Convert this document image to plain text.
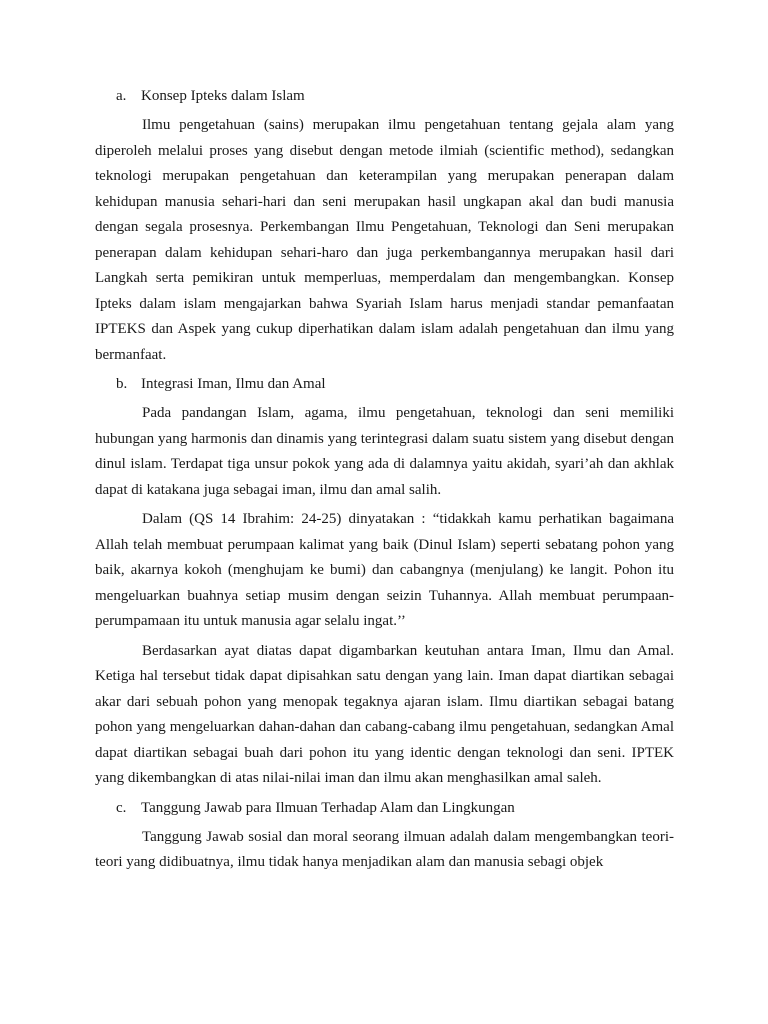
a. Konsep Ipteks dalam Islam

Ilmu pengetahuan (sains) merupakan ilmu pengetahuan tentang gejala alam yang diperoleh melalui proses yang disebut dengan metode ilmiah (scientific method), sedangkan teknologi merupakan pengetahuan dan keterampilan yang merupakan penerapan dalam kehidupan manusia sehari-hari dan seni merupakan hasil ungkapan akal dan budi manusia dengan segala prosesnya. Perkembangan Ilmu Pengetahuan, Teknologi dan Seni merupakan penerapan dalam kehidupan sehari-haro dan juga perkembangannya merupakan hasil dari Langkah serta pemikiran untuk memperluas, memperdalam dan mengembangkan. Konsep Ipteks dalam islam mengajarkan bahwa Syariah Islam harus menjadi standar pemanfaatan IPTEKS dan Aspek yang cukup diperhatikan dalam islam adalah pengetahuan dan ilmu yang bermanfaat.

b. Integrasi Iman, Ilmu dan Amal

Pada pandangan Islam, agama, ilmu pengetahuan, teknologi dan seni memiliki hubungan yang harmonis dan dinamis yang terintegrasi dalam suatu sistem yang disebut dengan dinul islam. Terdapat tiga unsur pokok yang ada di dalamnya yaitu akidah, syari’ah dan akhlak dapat di katakana juga sebagai iman, ilmu dan amal salih.

Dalam (QS 14 Ibrahim: 24-25) dinyatakan : “tidakkah kamu perhatikan bagaimana Allah telah membuat perumpaan kalimat yang baik (Dinul Islam) seperti sebatang pohon yang baik, akarnya kokoh (menghujam ke bumi) dan cabangnya (menjulang) ke langit. Pohon itu mengeluarkan buahnya setiap musim dengan seizin Tuhannya. Allah membuat perumpaan-perumpamaan itu untuk manusia agar selalu ingat.’’

Berdasarkan ayat diatas dapat digambarkan keutuhan antara Iman, Ilmu dan Amal. Ketiga hal tersebut tidak dapat dipisahkan satu dengan yang lain. Iman dapat diartikan sebagai akar dari sebuah pohon yang menopak tegaknya ajaran islam. Ilmu diartikan sebagai batang pohon yang mengeluarkan dahan-dahan dan cabang-cabang ilmu pengetahuan, sedangkan Amal dapat diartikan sebagai buah dari pohon itu yang identic dengan teknologi dan seni. IPTEK yang dikembangkan di atas nilai-nilai iman dan ilmu akan menghasilkan amal saleh.

c. Tanggung Jawab para Ilmuan Terhadap Alam dan Lingkungan

Tanggung Jawab sosial dan moral seorang ilmuan adalah dalam mengembangkan teori-teori yang didibuatnya, ilmu tidak hanya menjadikan alam dan manusia sebagi objek
